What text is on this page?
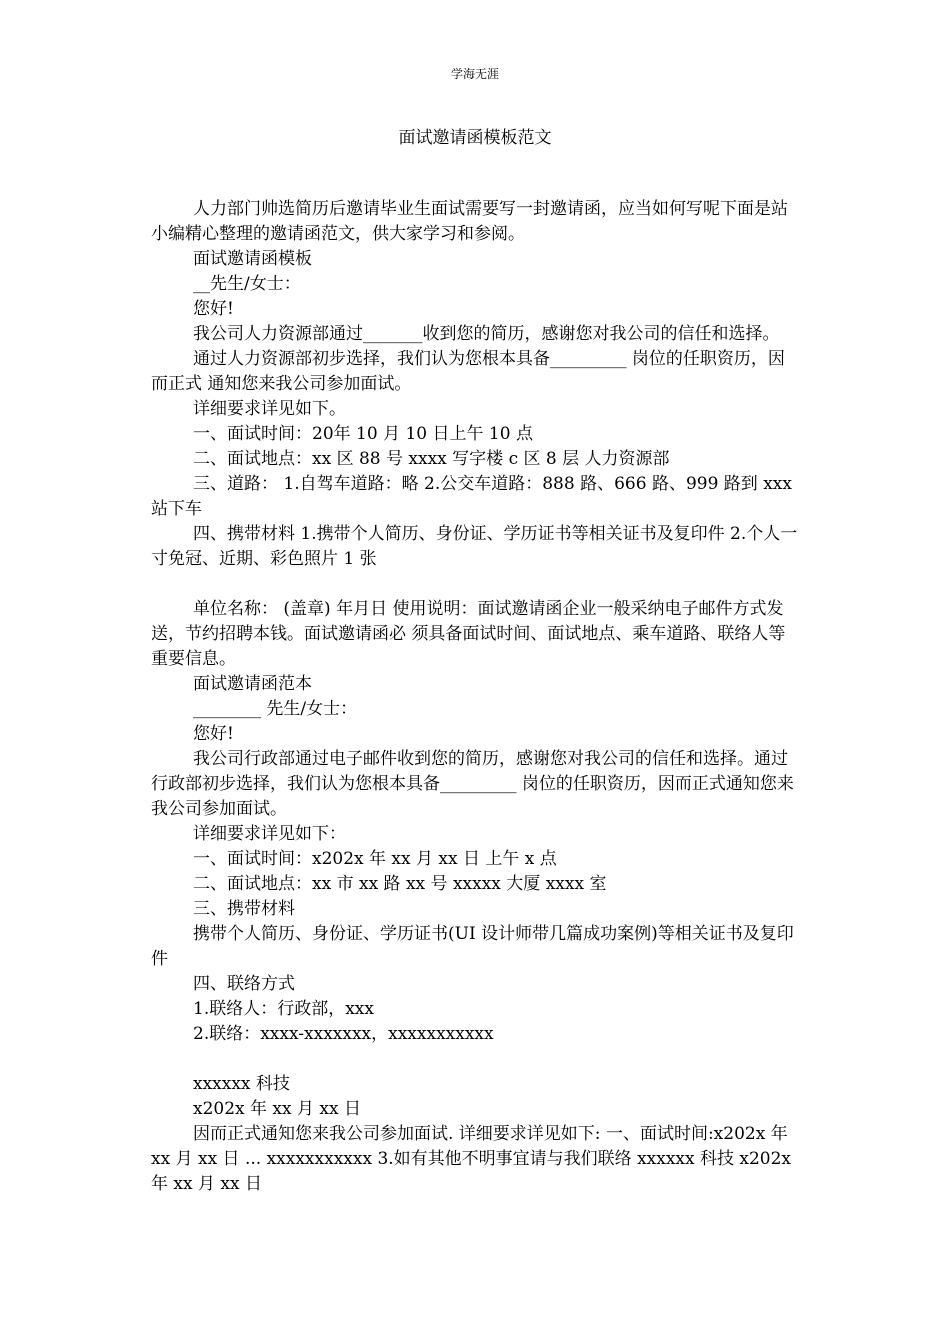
学海无涯
面试邀请函模板范文

人力部门帅选简历后邀请毕业生面试需要写一封邀请函，应当如何写呢下面是站小编精心整理的邀请函范文，供大家学习和参阅。

面试邀请函模板

__先生/女士：

您好!

我公司人力资源部通过_______收到您的简历，感谢您对我公司的信任和选择。

通过人力资源部初步选择，我们认为您根本具备_________ 岗位的任职资历，因而正式 通知您来我公司参加面试。

详细要求详见如下。

一、面试时间：20年 10 月 10 日上午 10 点

二、面试地点：xx 区 88 号 xxxx 写字楼 c 区 8 层 人力资源部

三、道路： 1.自驾车道路：略 2.公交车道路：888 路、666 路、999 路到 xxx 站下车

四、携带材料 1.携带个人简历、身份证、学历证书等相关证书及复印件 2.个人一寸免冠、近期、彩色照片 1 张

单位名称： (盖章) 年月日 使用说明：面试邀请函企业一般采纳电子邮件方式发送，节约招聘本钱。面试邀请函必 须具备面试时间、面试地点、乘车道路、联络人等重要信息。

面试邀请函范本

________ 先生/女士：

您好!

我公司行政部通过电子邮件收到您的简历，感谢您对我公司的信任和选择。通过行政部初步选择，我们认为您根本具备_________ 岗位的任职资历，因而正式通知您来我公司参加面试。

详细要求详见如下：

一、面试时间：x202x 年 xx 月 xx 日 上午 x 点

二、面试地点：xx 市 xx 路 xx 号 xxxxx 大厦 xxxx 室

三、携带材料

携带个人简历、身份证、学历证书(UI 设计师带几篇成功案例)等相关证书及复印件

四、联络方式

1.联络人：行政部，xxx

2.联络：xxxx-xxxxxxx，xxxxxxxxxxx

xxxxxx 科技

x202x 年 xx 月 xx 日

因而正式通知您来我公司参加面试. 详细要求详见如下: 一、面试时间:x202x 年 xx 月 xx 日 ... xxxxxxxxxxx 3.如有其他不明事宜请与我们联络 xxxxxx 科技 x202x 年 xx 月 xx 日
